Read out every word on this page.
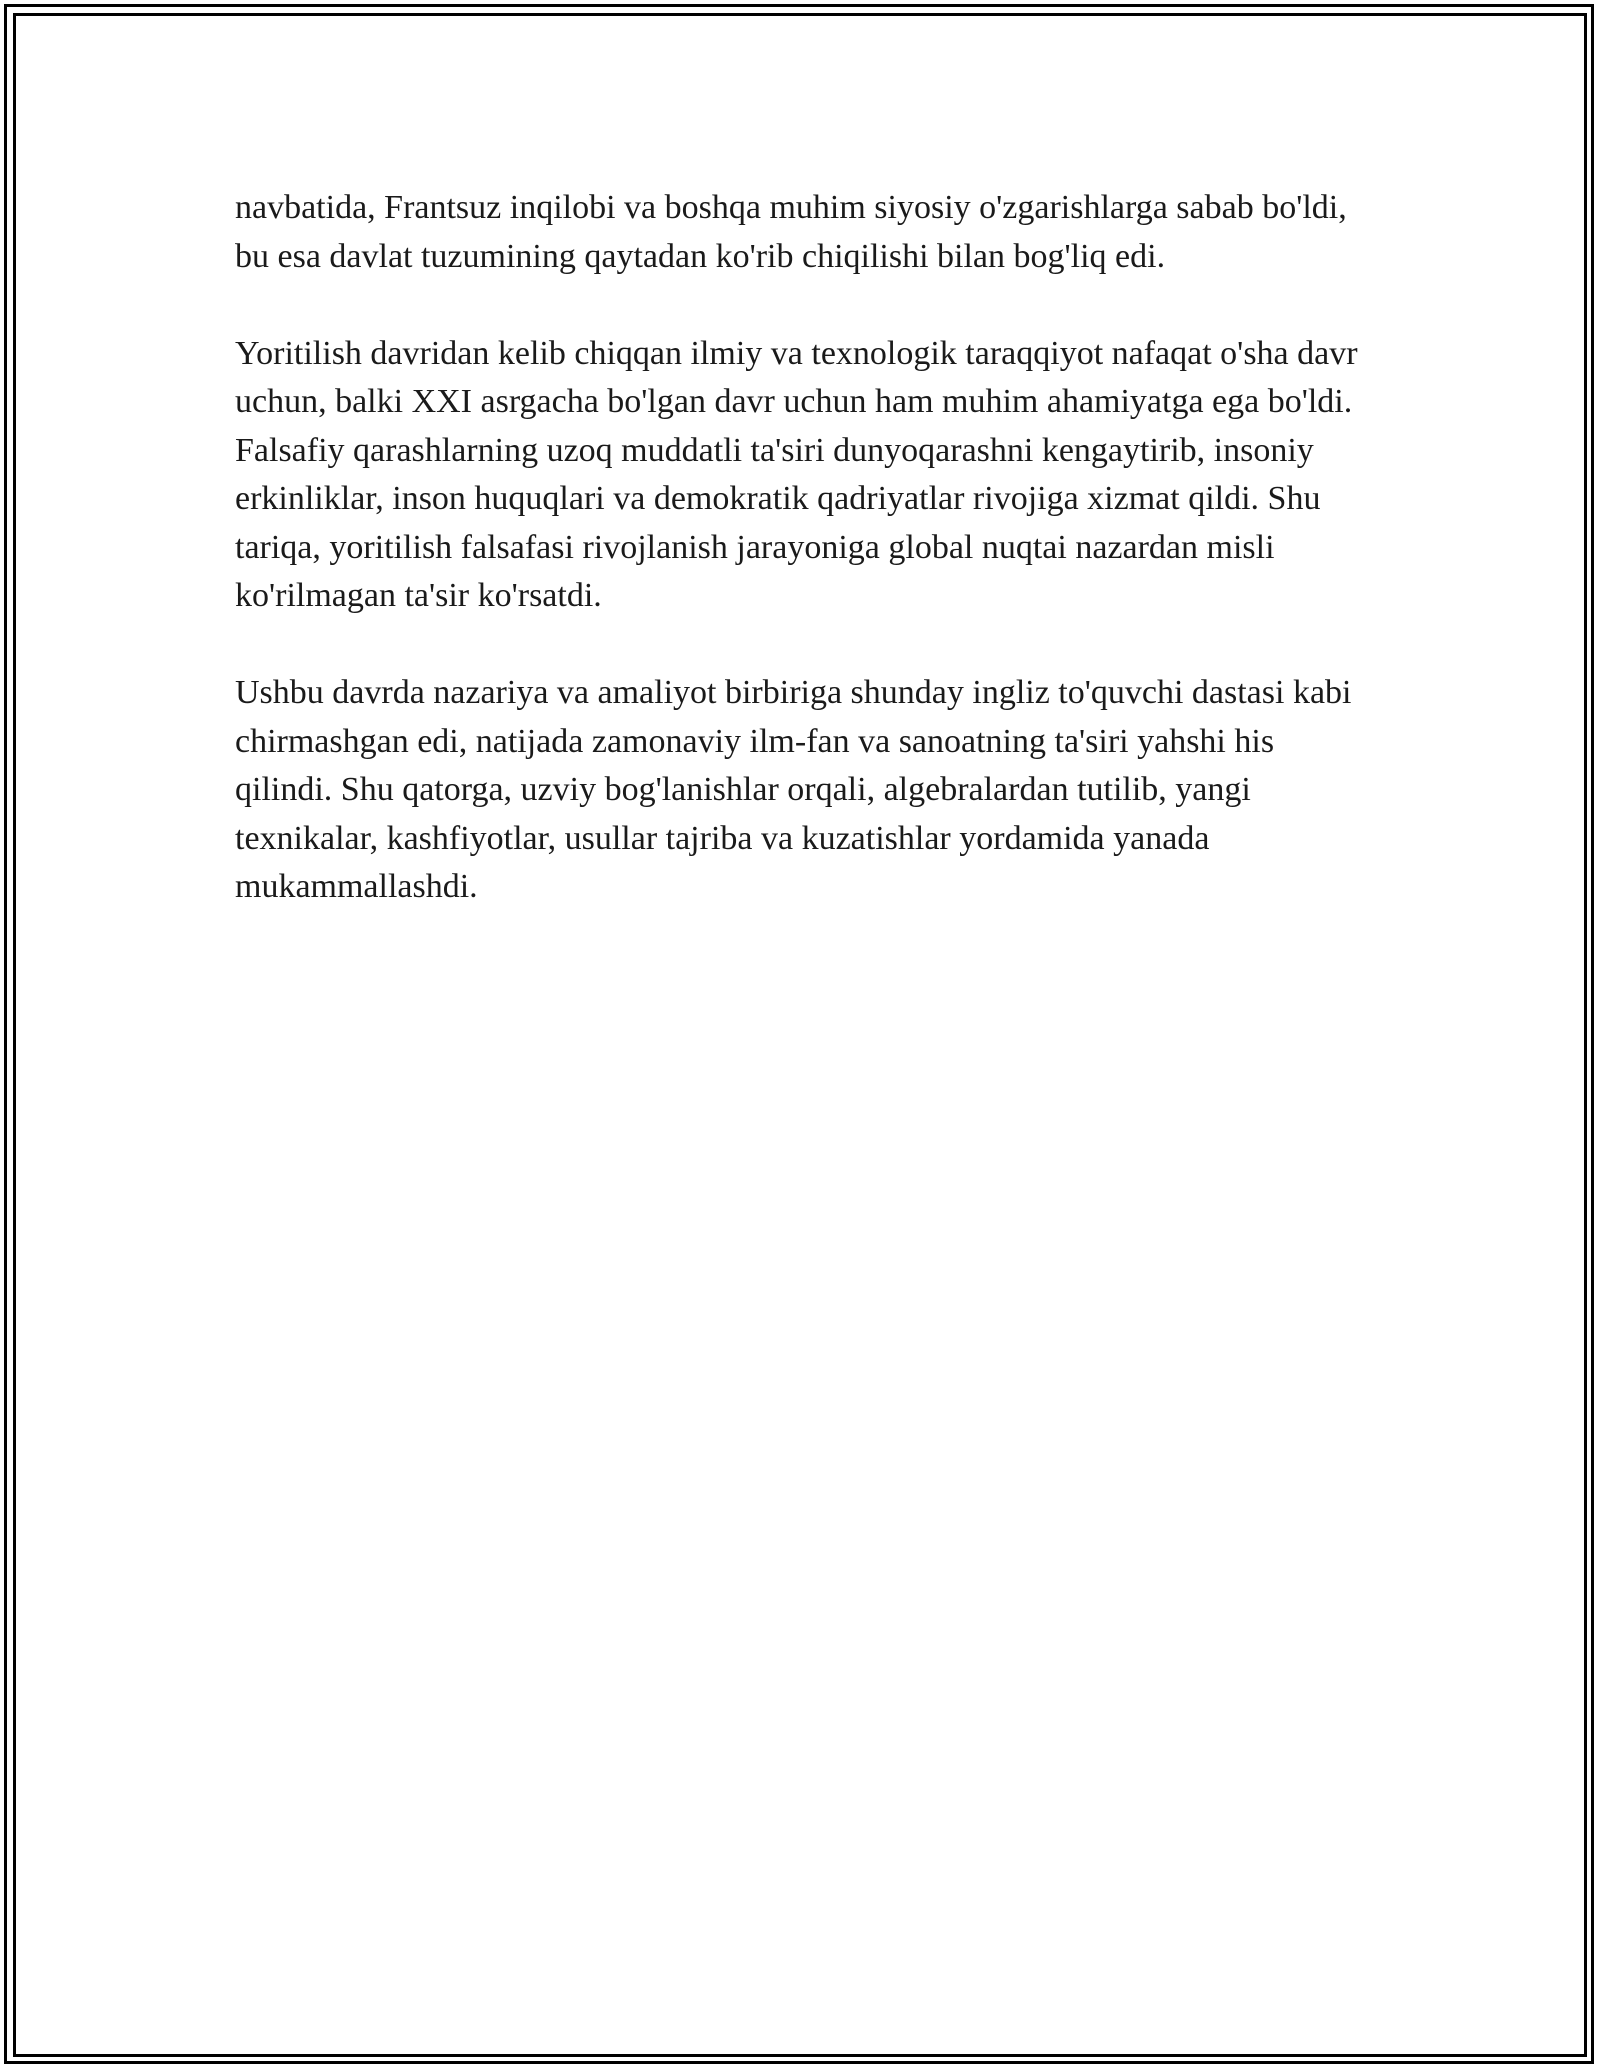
navbatida, Frantsuz inqilobi va boshqa muhim siyosiy o'zgarishlarga sabab bo'ldi, bu esa davlat tuzumining qaytadan ko'rib chiqilishi bilan bog'liq edi.

Yoritilish davridan kelib chiqqan ilmiy va texnologik taraqqiyot nafaqat o'sha davr uchun, balki XXI asrgacha bo'lgan davr uchun ham muhim ahamiyatga ega bo'ldi. Falsafiy qarashlarning uzoq muddatli ta'siri dunyoqarashni kengaytirib, insoniy erkinliklar, inson huquqlari va demokratik qadriyatlar rivojiga xizmat qildi. Shu tariqa, yoritilish falsafasi rivojlanish jarayoniga global nuqtai nazardan misli ko'rilmagan ta'sir ko'rsatdi.

Ushbu davrda nazariya va amaliyot birbiriga shunday ingliz to'quvchi dastasi kabi chirmashgan edi, natijada zamonaviy ilm-fan va sanoatning ta'siri yahshi his qilindi. Shu qatorga, uzviy bog'lanishlar orqali, algebralardan tutilib, yangi texnikalar, kashfiyotlar, usullar tajriba va kuzatishlar yordamida yanada mukammallashdi.
